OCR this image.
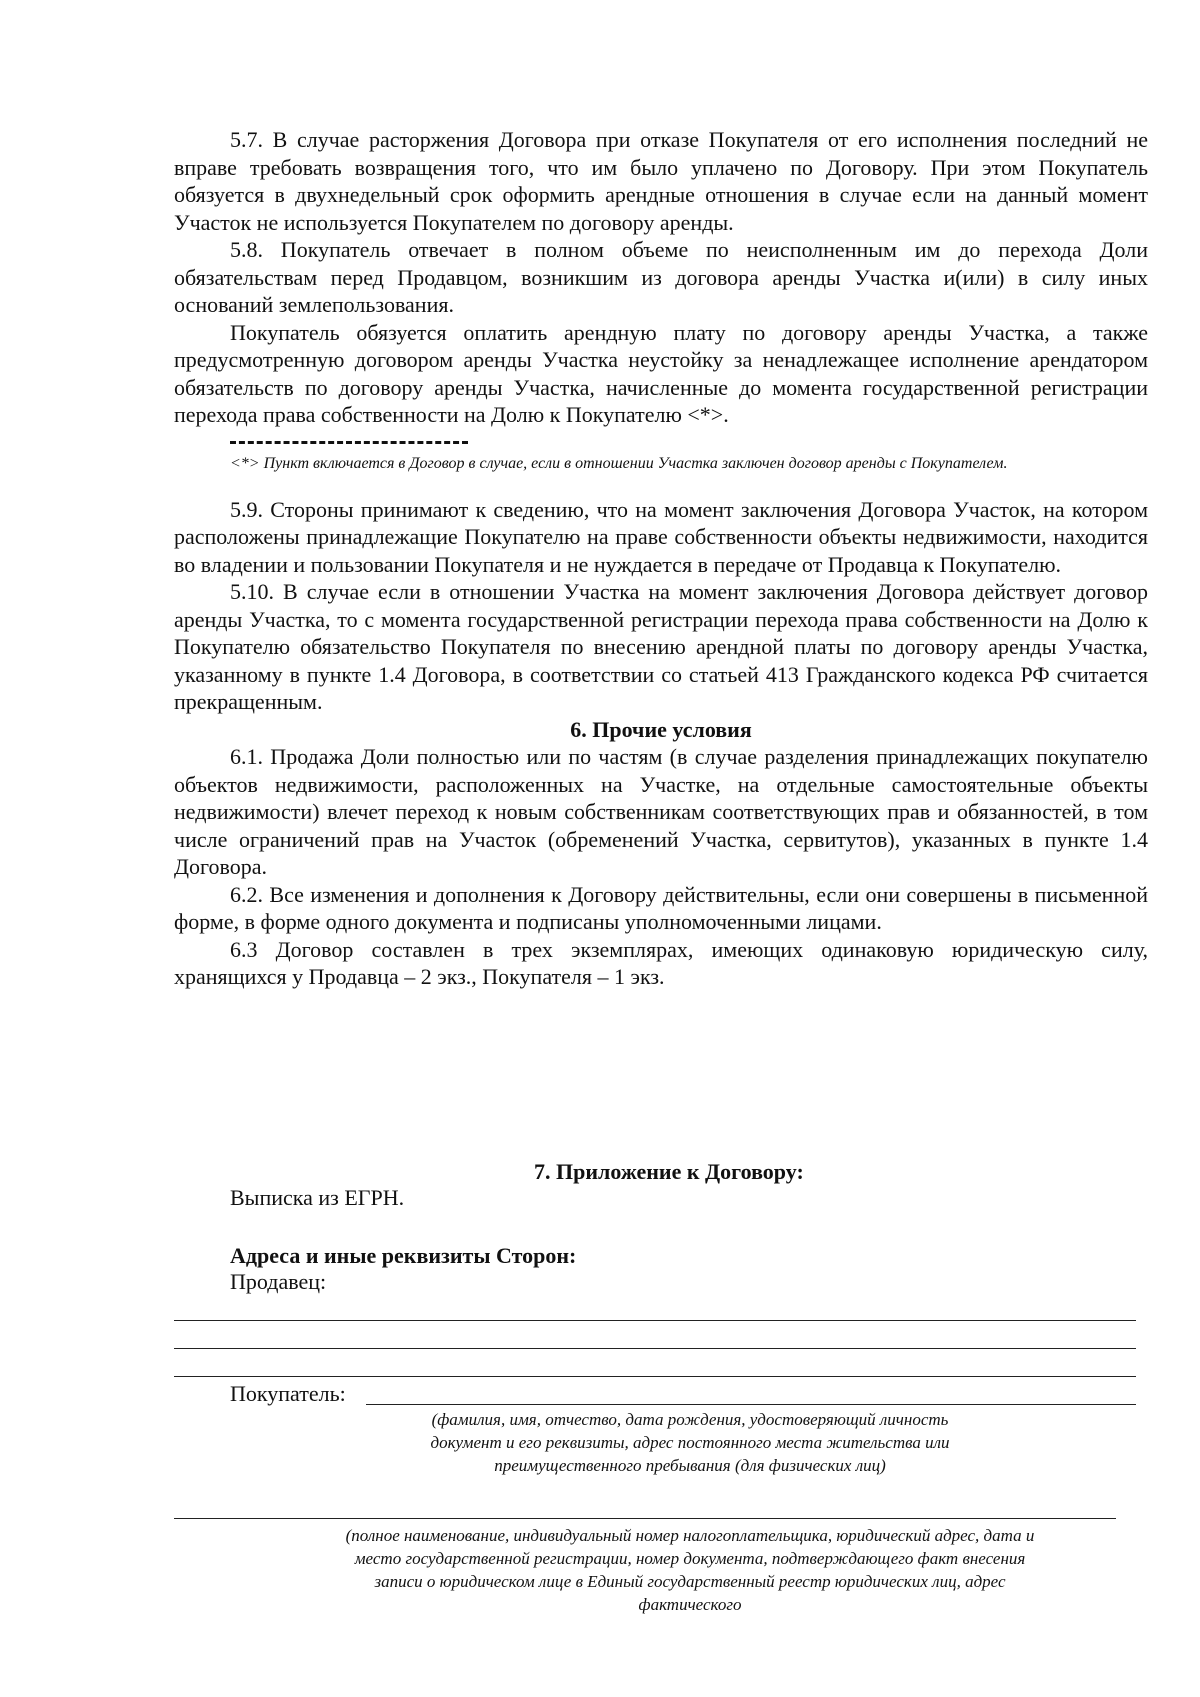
5.7. В случае расторжения Договора при отказе Покупателя от его исполнения последний не вправе требовать возвращения того, что им было уплачено по Договору. При этом Покупатель обязуется в двухнедельный срок оформить арендные отношения в случае если на данный момент Участок не используется Покупателем по договору аренды.

5.8. Покупатель отвечает в полном объеме по неисполненным им до перехода Доли обязательствам перед Продавцом, возникшим из договора аренды Участка и(или) в силу иных оснований землепользования.

Покупатель обязуется оплатить арендную плату по договору аренды Участка, а также предусмотренную договором аренды Участка неустойку за ненадлежащее исполнение арендатором обязательств по договору аренды Участка, начисленные до момента государственной регистрации перехода права собственности на Долю к Покупателю <*>.

<*> Пункт включается в Договор в случае, если в отношении Участка заключен договор аренды с Покупателем.

5.9. Стороны принимают к сведению, что на момент заключения Договора Участок, на котором расположены принадлежащие Покупателю на праве собственности объекты недвижимости, находится во владении и пользовании Покупателя и не нуждается в передаче от Продавца к Покупателю.

5.10. В случае если в отношении Участка на момент заключения Договора действует договор аренды Участка, то с момента государственной регистрации перехода права собственности на Долю к Покупателю обязательство Покупателя по внесению арендной платы по договору аренды Участка, указанному в пункте 1.4 Договора, в соответствии со статьей 413 Гражданского кодекса РФ считается прекращенным.

6. Прочие условия

6.1. Продажа Доли полностью или по частям (в случае разделения принадлежащих покупателю объектов недвижимости, расположенных на Участке, на отдельные самостоятельные объекты недвижимости) влечет переход к новым собственникам соответствующих прав и обязанностей, в том числе ограничений прав на Участок (обременений Участка, сервитутов), указанных в пункте 1.4 Договора.

6.2. Все изменения и дополнения к Договору действительны, если они совершены в письменной форме, в форме одного документа и подписаны уполномоченными лицами.

6.3 Договор составлен в трех экземплярах, имеющих одинаковую юридическую силу, хранящихся у Продавца – 2 экз., Покупателя – 1 экз.

7. Приложение к Договору:
Выписка из ЕГРН.
Адреса и иные реквизиты Сторон:
Продавец:
Покупатель:
(фамилия, имя, отчество, дата рождения, удостоверяющий личность документ и его реквизиты, адрес постоянного места жительства или преимущественного пребывания (для физических лиц)
(полное наименование, индивидуальный номер налогоплательщика, юридический адрес, дата и место государственной регистрации, номер документа, подтверждающего факт внесения записи о юридическом лице в Единый государственный реестр юридических лиц, адрес фактического
